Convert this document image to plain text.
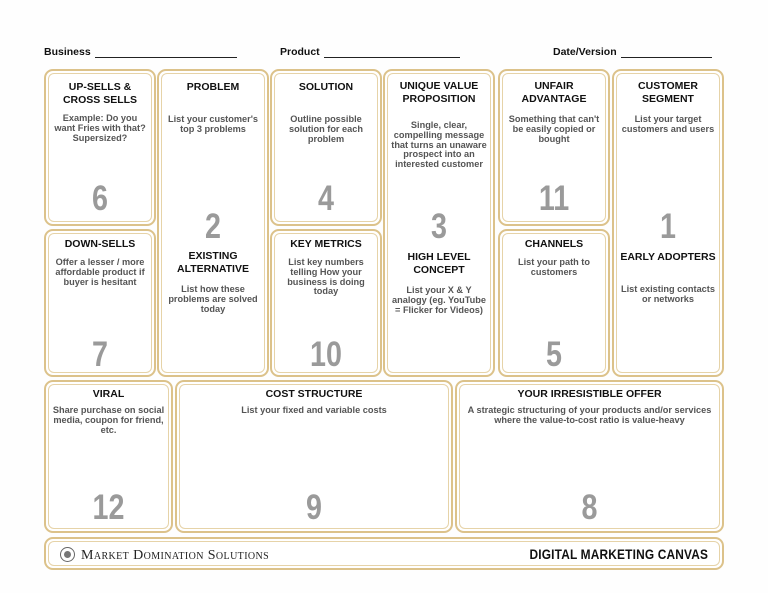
Business	Product	Date/Version
UP-SELLS & CROSS SELLS
Example: Do you want Fries with that? Supersized?
6
PROBLEM
List your customer's top 3 problems
2
EXISTING ALTERNATIVE
List how these problems are solved today
SOLUTION
Outline possible solution for each problem
4
UNIQUE VALUE PROPOSITION
Single, clear, compelling message that turns an unaware prospect into an interested customer
3
HIGH LEVEL CONCEPT
List your X & Y analogy (eg. YouTube = Flicker for Videos)
UNFAIR ADVANTAGE
Something that can't be easily copied or bought
11
CUSTOMER SEGMENT
List your target customers and users
1
EARLY ADOPTERS
List existing contacts or networks
DOWN-SELLS
Offer a lesser / more affordable product if buyer is hesitant
7
KEY METRICS
List key numbers telling How your business is doing today
10
CHANNELS
List your path to customers
5
VIRAL
Share purchase on social media, coupon for friend, etc.
12
COST STRUCTURE
List your fixed and variable costs
9
YOUR IRRESISTIBLE OFFER
A strategic structuring of your products and/or services where the value-to-cost ratio is value-heavy
8
Market Domination Solutions	DIGITAL MARKETING CANVAS
